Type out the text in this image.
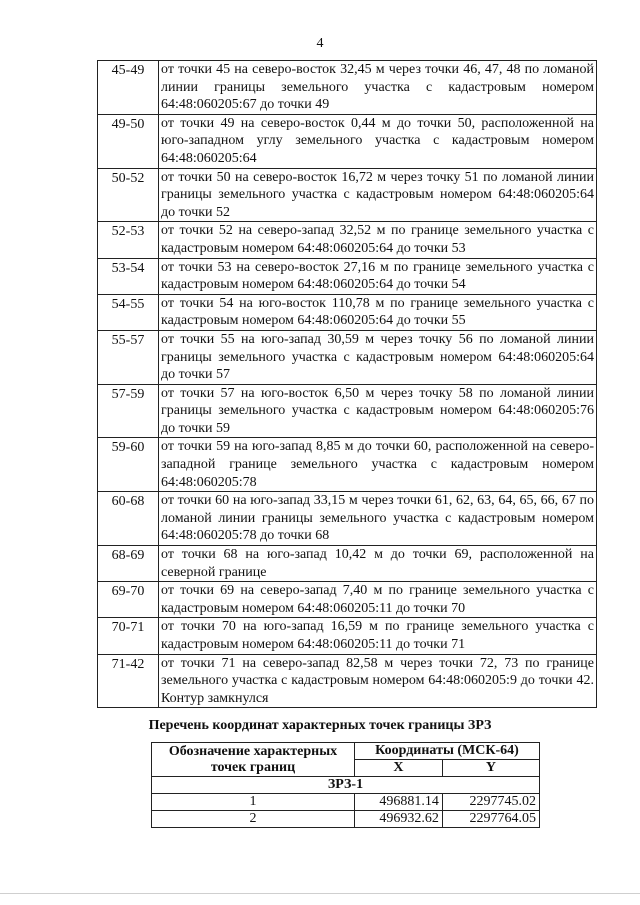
4
45-49	от точки 45 на северо-восток 32,45 м через точки 46, 47, 48 по ломаной линии границы земельного участка с кадастровым номером 64:48:060205:67 до точки 49
49-50	от точки 49 на северо-восток 0,44 м до точки 50, расположенной на юго-западном углу земельного участка с кадастровым номером 64:48:060205:64
50-52	от точки 50 на северо-восток 16,72 м через точку 51 по ломаной линии границы земельного участка с кадастровым номером 64:48:060205:64 до точки 52
52-53	от точки 52 на северо-запад 32,52 м по границе земельного участка с кадастровым номером 64:48:060205:64 до точки 53
53-54	от точки 53 на северо-восток 27,16 м по границе земельного участка с кадастровым номером 64:48:060205:64 до точки 54
54-55	от точки 54 на юго-восток 110,78 м по границе земельного участка с кадастровым номером 64:48:060205:64 до точки 55
55-57	от точки 55 на юго-запад 30,59 м через точку 56 по ломаной линии границы земельного участка с кадастровым номером 64:48:060205:64 до точки 57
57-59	от точки 57 на юго-восток 6,50 м через точку 58 по ломаной линии границы земельного участка с кадастровым номером 64:48:060205:76 до точки 59
59-60	от точки 59 на юго-запад 8,85 м до точки 60, расположенной на северо-западной границе земельного участка с кадастровым номером 64:48:060205:78
60-68	от точки 60 на юго-запад 33,15 м через точки 61, 62, 63, 64, 65, 66, 67 по ломаной линии границы земельного участка с кадастровым номером 64:48:060205:78 до точки 68
68-69	от точки 68 на юго-запад 10,42 м до точки 69, расположенной на северной границе
69-70	от точки 69 на северо-запад 7,40 м по границе земельного участка с кадастровым номером 64:48:060205:11 до точки 70
70-71	от точки 70 на юго-запад 16,59 м по границе земельного участка с кадастровым номером 64:48:060205:11 до точки 71
71-42	от точки 71 на северо-запад 82,58 м через точки 72, 73 по границе земельного участка с кадастровым номером 64:48:060205:9 до точки 42. Контур замкнулся
Перечень координат характерных точек границы ЗРЗ
Обозначение характерных точек границ	Координаты (МСК-64)	
	X	Y
ЗРЗ-1		
1	496881.14	2297745.02
2	496932.62	2297764.05
